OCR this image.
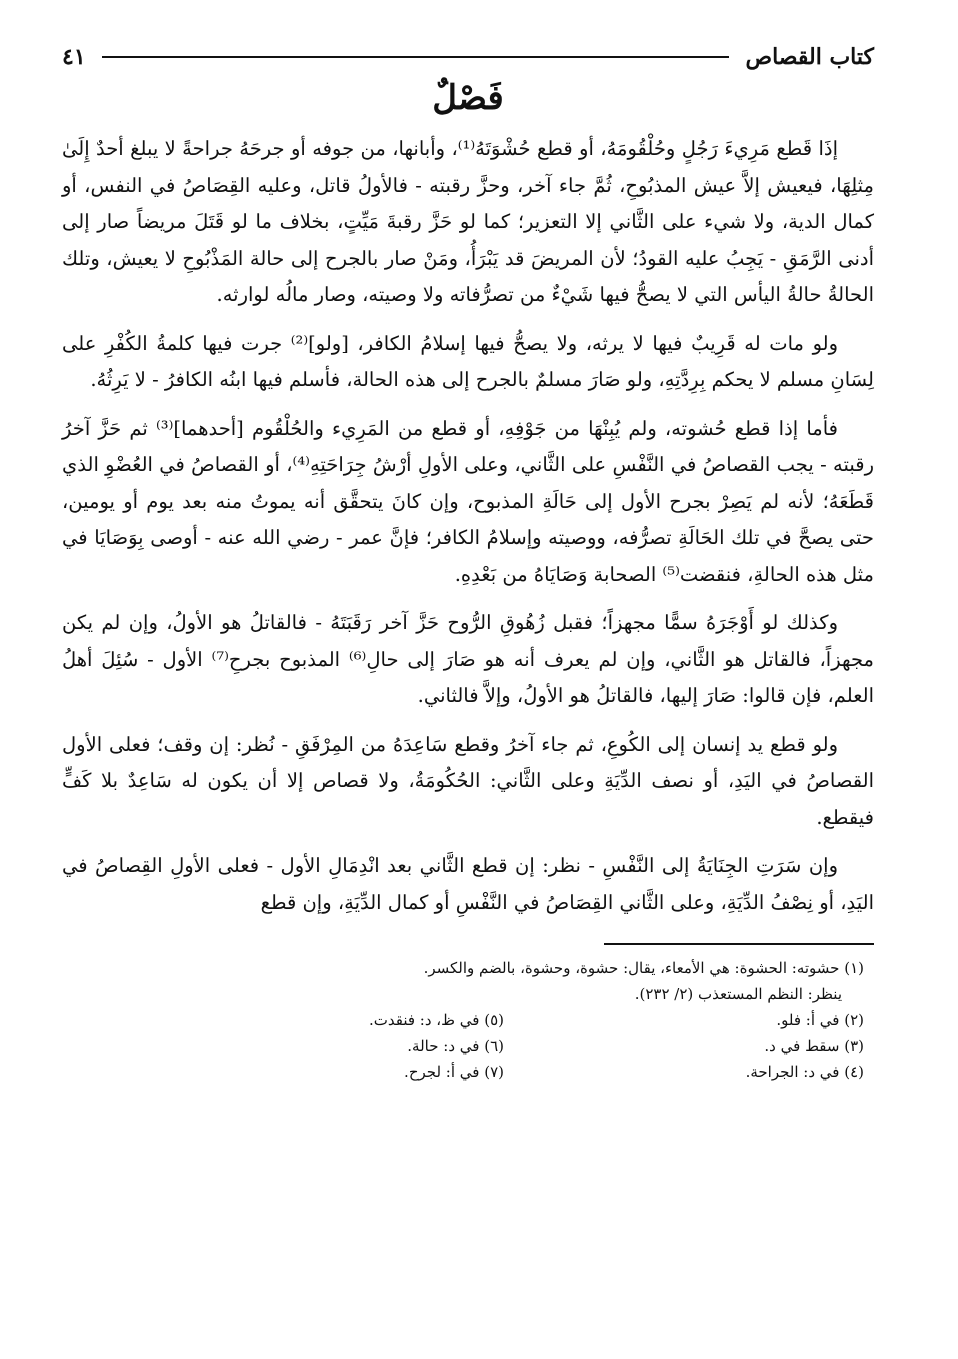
كتاب القصاص
٤١
فَصْلٌ

إذَا قَطع مَرِيءَ رَجُلٍ وحُلْقُومَهُ، أو قطع حُشْوَتَهُ⁽¹⁾، وأبانها، من جوفه أو جرحَهُ جراحةً لا يبلغ أحدٌ إِلَىٰ مِثلِهَا، فيعيش إلاَّ عيش المذبُوحِ، ثُمَّ جاء آخر، وحزَّ رقبته - فالأولُ قاتل، وعليه القِصَاصُ في النفس، أو كمال الدية، ولا شيء على الثَّاني إلا التعزير؛ كما لو حَزَّ رقبةَ مَيِّتٍ، بخلاف ما لو قَتَلَ مريضاً صار إلى أدنى الرَّمَقِ - يَجِبُ عليه القودُ؛ لأن المريضَ قد يَبْرَأُ، ومَنْ صار بالجرح إلى حالة المَذْبُوحِ لا يعيش، وتلك الحالةُ حالةُ اليأس التي لا يصحُّ فيها شَيْءٌ من تصرُّفاته ولا وصيته، وصار مالُه لوارثه.

ولو مات له قَرِيبٌ فيها لا يرثه، ولا يصحُّ فيها إسلامُ الكافر، [ولو]⁽²⁾ جرت فيها كلمةُ الكُفْرِ على لِسَانِ مسلم لا يحكم بِرِدَّتِهِ، ولو صَارَ مسلمٌ بالجرح إلى هذه الحالة، فأسلم فيها ابنُه الكافرُ - لا يَرِثُهُ.

فأما إذا قطع حُشوته، ولم يُبِنْهَا من جَوْفِهِ، أو قطع من المَرِيء والحُلْقُوم [أحدهما]⁽³⁾ ثم حَزَّ آخرُ رقبته - يجب القصاصُ في النَّفْسِ على الثَّاني، وعلى الأولِ أرْشُ جِرَاحَتِهِ⁽⁴⁾، أو القصاصُ في العُضْوِ الذي قَطَعَهُ؛ لأنه لم يَصِرْ بجرح الأول إلى حَالَةِ المذبوح، وإن كانَ يتحقَّق أنه يموتُ منه بعد يوم أو يومين، حتى يصحَّ في تلك الحَالَةِ تصرُّفه، ووصيته وإسلامُ الكافر؛ فإنَّ عمر - رضي الله عنه - أوصى بِوَصَايَا في مثل هذه الحالةِ، فنقضت⁽⁵⁾ الصحابة وَصَايَاهُ من بَعْدِهِ.

وكذلك لو أَوْجَرَهُ سمًّا مجهزاً؛ فقبل زُهُوقِ الرُّوح حَزَّ آخر رَقَبَتَهُ - فالقاتلُ هو الأولُ، وإن لم يكن مجهزاً، فالقاتل هو الثَّاني، وإن لم يعرف أنه هو صَارَ إلى حالِ⁽⁶⁾ المذبوح بجرحِ⁽⁷⁾ الأول - سُئِلَ أهلُ العلم، فإن قالوا: صَارَ إليها، فالقاتلُ هو الأولُ، وإلاَّ فالثاني.

ولو قطع يد إنسان إلى الكُوعِ، ثم جاء آخرُ وقطع سَاعِدَهُ من المِرْفَقِ - نُظر: إن وقف؛ فعلى الأول القصاصُ في اليَدِ، أو نصف الدِّيَةِ وعلى الثَّاني: الحُكُومَةُ، ولا قصاص إلا أن يكون له سَاعِدٌ بلا كَفٍّ فيقطع.

وإن سَرَتِ الجِنَايَةُ إلى النَّفْسِ - نظر: إن قطع الثَّاني بعد انْدِمَالِ الأول - فعلى الأولِ القِصاصُ في اليَدِ، أو نِصْفُ الدِّيَةِ، وعلى الثَّاني القِصَاصُ في النَّفْسِ أو كمال الدِّيَةِ، وإن قطع

(١) حشوته: الحشوة: هي الأمعاء، يقال: حشوة، وحشوة، بالضم والكسر.
ينظر: النظم المستعذب (٢/ ٢٣٢).
(٢) في أ: فلو.
(٣) سقط في د.
(٤) في د: الجراحة.
(٥) في ظ، د: فنقدت.
(٦) في د: حالة.
(٧) في أ: لجرح.
